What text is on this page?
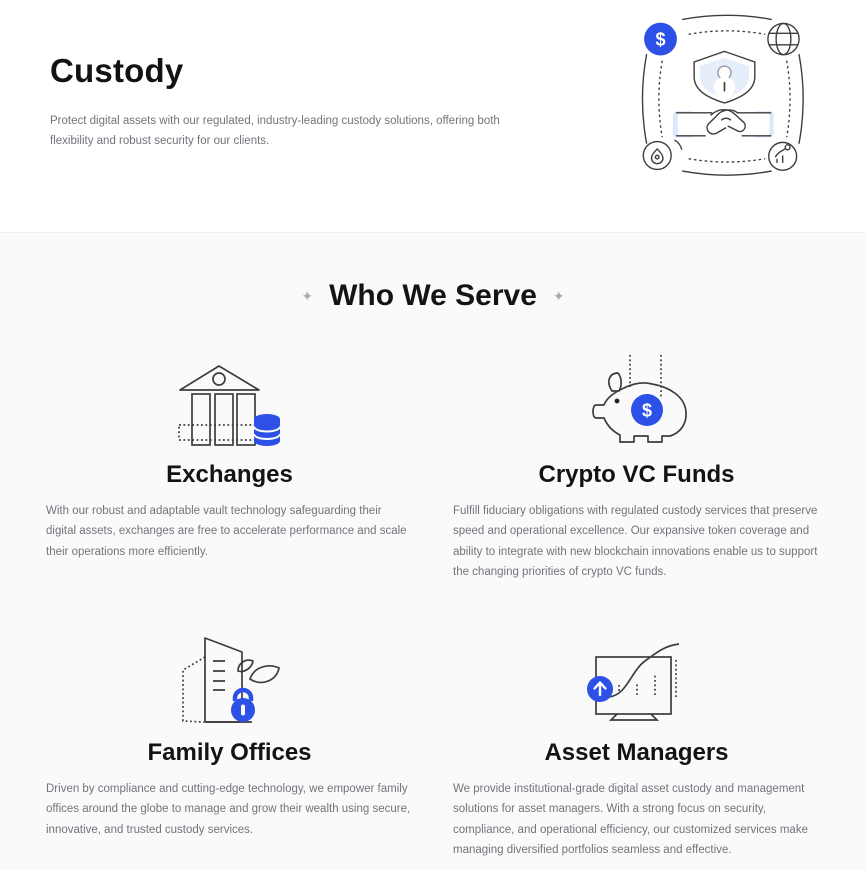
Custody

Protect digital assets with our regulated, industry-leading custody solutions, offering both flexibility and robust security for our clients.

$
✦ Who We Serve ✦
Exchanges

With our robust and adaptable vault technology safeguarding their digital assets, exchanges are free to accelerate performance and scale their operations more efficiently.

$
Crypto VC Funds

Fulfill fiduciary obligations with regulated custody services that preserve speed and operational excellence. Our expansive token coverage and ability to integrate with new blockchain innovations enable us to support the changing priorities of crypto VC funds.

Family Offices

Driven by compliance and cutting-edge technology, we empower family offices around the globe to manage and grow their wealth using secure, innovative, and trusted custody services.

Asset Managers

We provide institutional-grade digital asset custody and management solutions for asset managers. With a strong focus on security, compliance, and operational efficiency, our customized services make managing diversified portfolios seamless and effective.
